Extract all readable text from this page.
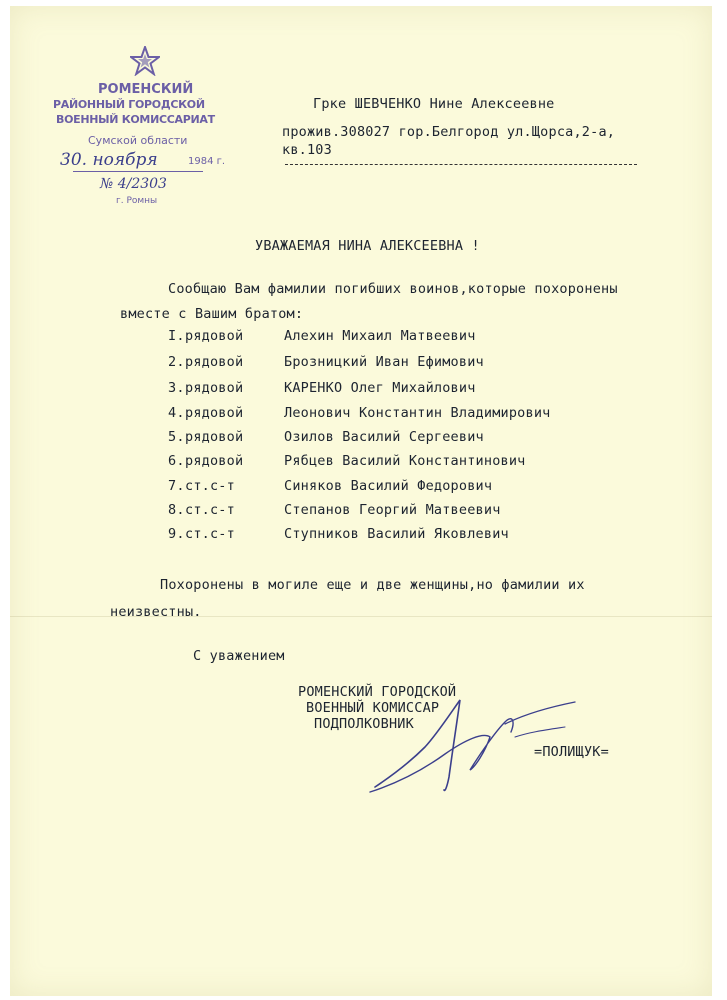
РОМЕНСКИЙ
РАЙОННЫЙ ГОРОДСКОЙ
ВОЕННЫЙ КОМИССАРИАТ
Сумской области
30. ноября	1984 г.
№ 4/2303
г. Ромны
Грке ШЕВЧЕНКО Нине Алексеевне
прожив.308027 гор.Белгород ул.Щорса,2-а,
кв.103
УВАЖАЕМАЯ НИНА АЛЕКСЕЕВНА !
Сообщаю Вам фамилии погибших воинов,которые похоронены
вместе с Вашим братом:
I. рядовой	Алехин Михаил Матвеевич
2. рядовой	Брозницкий Иван Ефимович
3. рядовой	КАРЕНКО Олег Михайлович
4. рядовой	Леонович Константин Владимирович
5. рядовой	Озилов Василий Сергеевич
6. рядовой	Рябцев Василий Константинович
7. ст.с-т	Синяков Василий Федорович
8. ст.с-т	Степанов Георгий Матвеевич
9. ст.с-т	Ступников Василий Яковлевич
Похоронены в могиле еще и две женщины,но фамилии их
неизвестны.
С уважением
РОМЕНСКИЙ ГОРОДСКОЙ
ВОЕННЫЙ КОМИССАР
ПОДПОЛКОВНИК
=ПОЛИЩУК=
